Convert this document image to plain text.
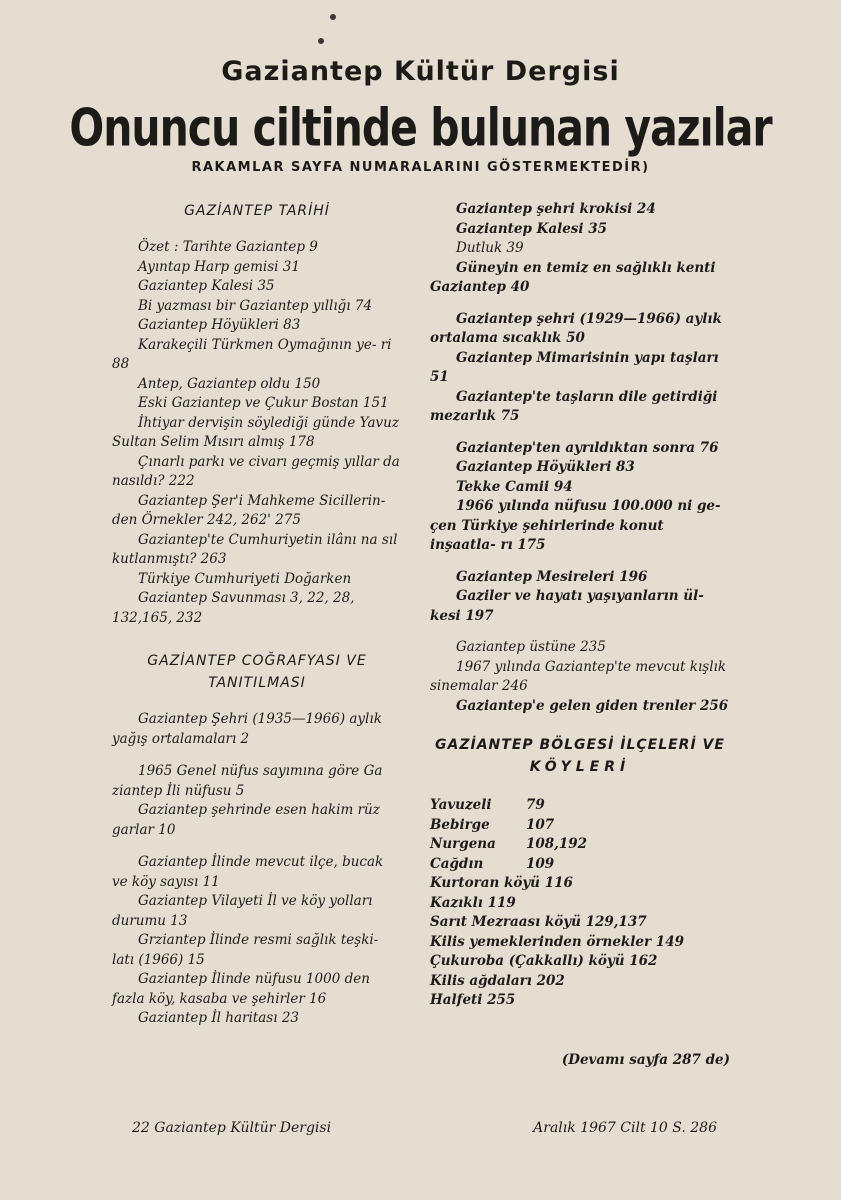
Gaziantep Kültür Dergisi
Onuncu ciltinde bulunan yazılar
RAKAMLAR SAYFA NUMARALARINI GÖSTERMEKTEDİR)
GAZİANTEP TARİHİ

Özet : Tarihte Gaziantep 9

Ayıntap Harp gemisi 31

Gaziantep Kalesi 35

Bi yazması bir Gaziantep yıllığı 74

Gaziantep Höyükleri 83

Karakeçili Türkmen Oymağının ye- ri 88

Antep, Gaziantep oldu 150

Eski Gaziantep ve Çukur Bostan 151

İhtiyar dervişin söylediği günde Yavuz Sultan Selim Mısırı almış 178

Çınarlı parkı ve civarı geçmiş yıllar da nasıldı? 222

Gaziantep Şer'i Mahkeme Sicillerin- den Örnekler 242, 262' 275

Gaziantep'te Cumhuriyetin ilânı na sıl kutlanmıştı? 263

Türkiye Cumhuriyeti Doğarken

Gaziantep Savunması 3, 22, 28, 132,165, 232

GAZİANTEP COĞRAFYASI VE
TANITILMASI

Gaziantep Şehri (1935—1966) aylık yağış ortalamaları 2

1965 Genel nüfus sayımına göre Ga ziantep İli nüfusu 5

Gaziantep şehrinde esen hakim rüz garlar 10

Gaziantep İlinde mevcut ilçe, bucak ve köy sayısı 11

Gaziantep Vilayeti İl ve köy yolları durumu 13

Grziantep İlinde resmi sağlık teşki- latı (1966) 15

Gaziantep İlinde nüfusu 1000 den fazla köy, kasaba ve şehirler 16

Gaziantep İl haritası 23

Gaziantep şehri krokisi 24

Gaziantep Kalesi 35

Dutluk 39

Güneyin en temiz en sağlıklı kenti Gaziantep 40

Gaziantep şehri (1929—1966) aylık ortalama sıcaklık 50

Gaziantep Mimarisinin yapı taşları 51

Gaziantep'te taşların dile getirdiği mezarlık 75

Gaziantep'ten ayrıldıktan sonra 76

Gaziantep Höyükleri 83

Tekke Camii 94

1966 yılında nüfusu 100.000 ni ge- çen Türkiye şehirlerinde konut inşaatla- rı 175

Gaziantep Mesireleri 196

Gaziler ve hayatı yaşıyanların ül- kesi 197

Gaziantep üstüne 235

1967 yılında Gaziantep'te mevcut kışlık sinemalar 246

Gaziantep'e gelen giden trenler 256

GAZİANTEP BÖLGESİ İLÇELERİ VE
KÖYLERİ
Yavuzeli	79
Bebirge	107
Nurgena	108,192
Cağdın	109

Kurtoran köyü 116

Kazıklı 119

Sarıt Mezraası köyü 129,137

Kilis yemeklerinden örnekler 149

Çukuroba (Çakkallı) köyü 162

Kilis ağdaları 202

Halfeti 255

(Devamı sayfa 287 de)
22 Gaziantep Kültür Dergisi	Aralık 1967 Cilt 10 S. 286
